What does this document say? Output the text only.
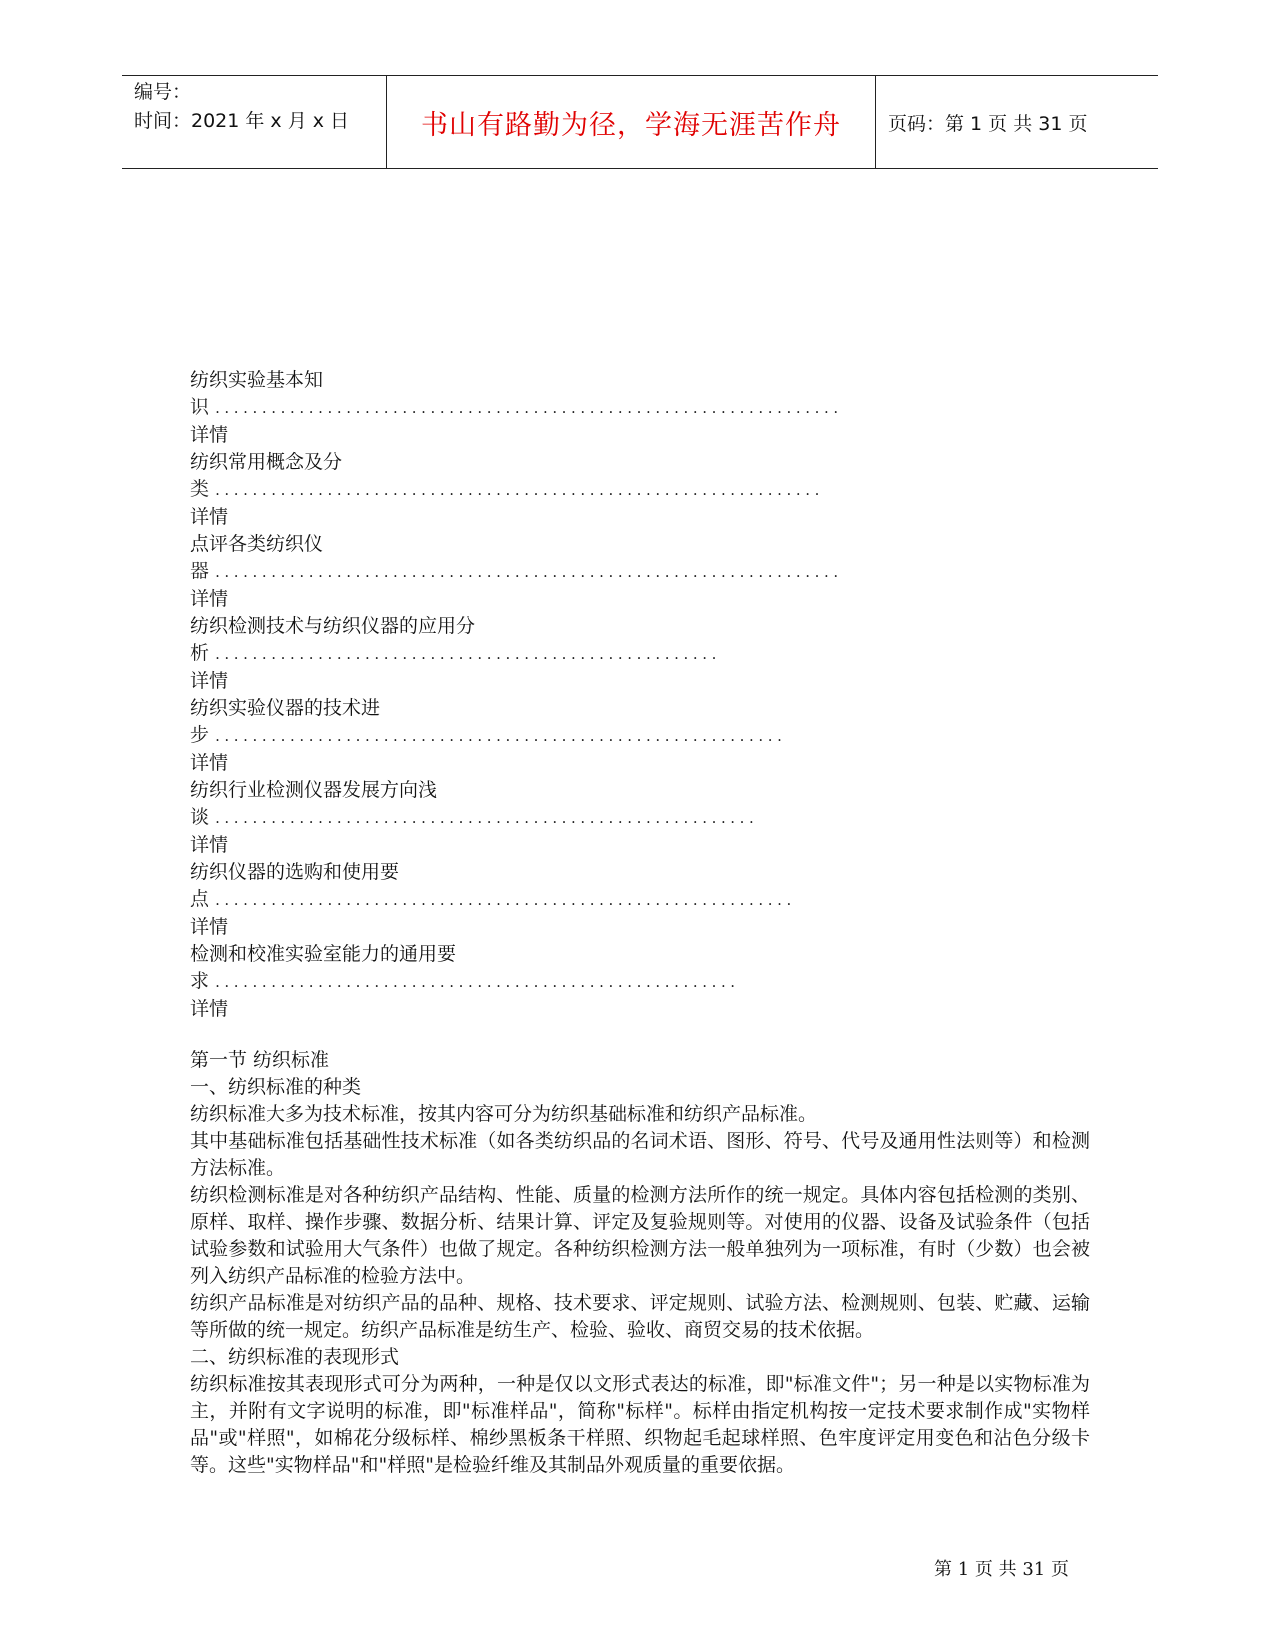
编号：
时间：2021 年 x 月 x 日	书山有路勤为径，学海无涯苦作舟 页码：第 1 页 共 31 页
纺织实验基本知
识 ...................................................................
详情
纺织常用概念及分
类 .................................................................
详情
点评各类纺织仪
器 ...................................................................
详情
纺织检测技术与纺织仪器的应用分
析 ......................................................
详情
纺织实验仪器的技术进
步 .............................................................
详情
纺织行业检测仪器发展方向浅
谈 ..........................................................
详情
纺织仪器的选购和使用要
点 ..............................................................
详情
检测和校准实验室能力的通用要
求 ........................................................
详情

第一节 纺织标准

一、纺织标准的种类

纺织标准大多为技术标准，按其内容可分为纺织基础标准和纺织产品标准。

其中基础标准包括基础性技术标准（如各类纺织品的名词术语、图形、符号、代号及通用性法则等）和检测方法标准。

纺织检测标准是对各种纺织产品结构、性能、质量的检测方法所作的统一规定。具体内容包括检测的类别、原样、取样、操作步骤、数据分析、结果计算、评定及复验规则等。对使用的仪器、设备及试验条件（包括试验参数和试验用大气条件）也做了规定。各种纺织检测方法一般单独列为一项标准，有时（少数）也会被列入纺织产品标准的检验方法中。

纺织产品标准是对纺织产品的品种、规格、技术要求、评定规则、试验方法、检测规则、包装、贮藏、运输等所做的统一规定。纺织产品标准是纺生产、检验、验收、商贸交易的技术依据。

二、纺织标准的表现形式

纺织标准按其表现形式可分为两种，一种是仅以文形式表达的标准，即"标准文件"；另一种是以实物标准为主，并附有文字说明的标准，即"标准样品"，简称"标样"。标样由指定机构按一定技术要求制作成"实物样品"或"样照"，如棉花分级标样、棉纱黑板条干样照、织物起毛起球样照、色牢度评定用变色和沾色分级卡等。这些"实物样品"和"样照"是检验纤维及其制品外观质量的重要依据。

第 1 页 共 31 页
